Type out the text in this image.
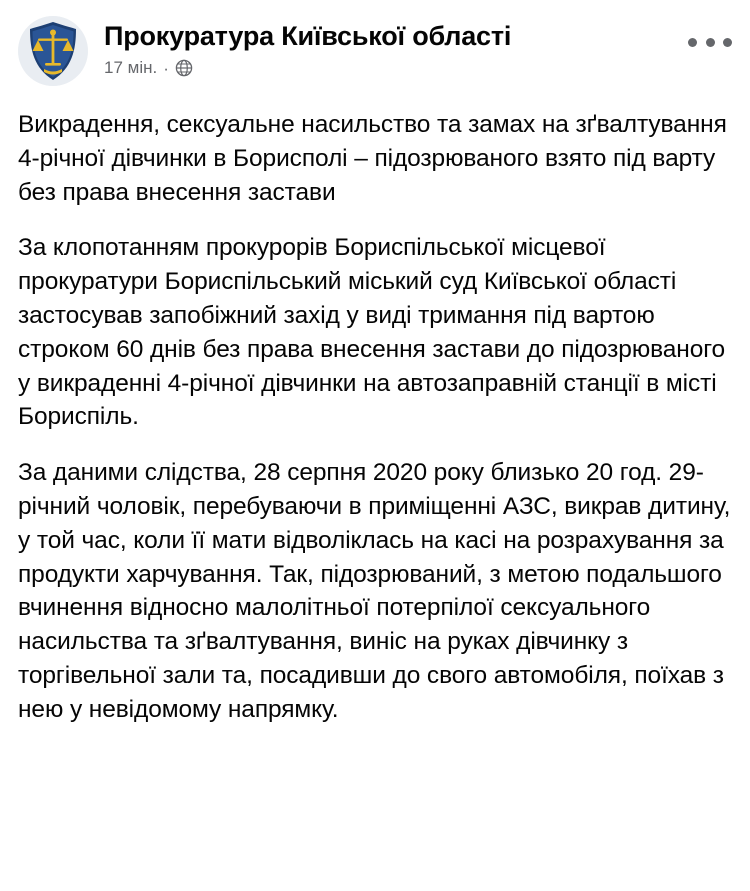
Прокуратура Київської області
17 мін. ·

Викрадення, сексуальне насильство та замах на зґвалтування 4-річної дівчинки в Борисполі – підозрюваного взято під варту без права внесення застави

За клопотанням прокурорів Бориспільської місцевої прокуратури Бориспільський міський суд Київської області застосував запобіжний захід у виді тримання під вартою строком 60 днів без права внесення застави до підозрюваного у викраденні 4-річної дівчинки на автозаправній станції в місті Бориспіль.

За даними слідства, 28 серпня 2020 року близько 20 год. 29-річний чоловік, перебуваючи в приміщенні АЗС, викрав дитину, у той час, коли її мати відволіклась на касі на розрахування за продукти харчування. Так, підозрюваний, з метою подальшого вчинення відносно малолітньої потерпілої сексуального насильства та зґвалтування, виніс на руках дівчинку з торгівельної зали та, посадивши до свого автомобіля, поїхав з нею у невідомому напрямку.
